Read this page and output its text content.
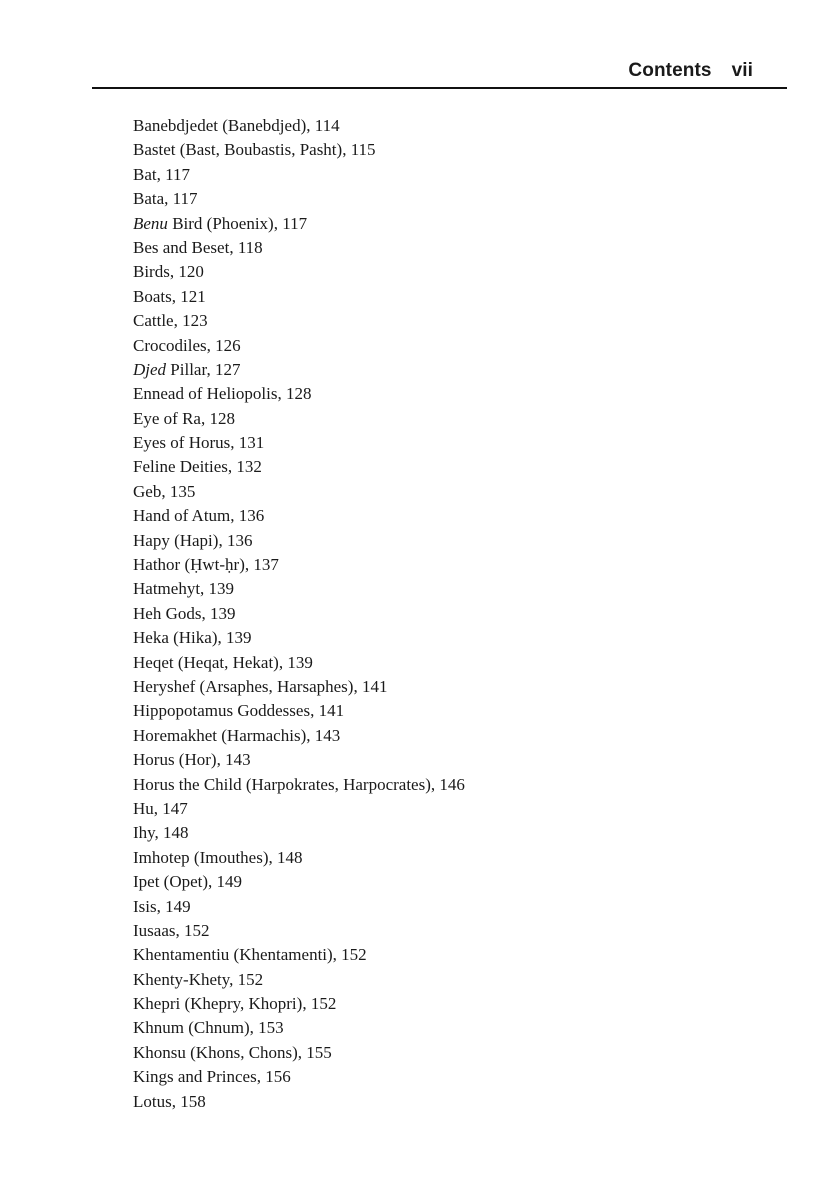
Contents vii
Banebdjedet (Banebdjed), 114
Bastet (Bast, Boubastis, Pasht), 115
Bat, 117
Bata, 117
Benu Bird (Phoenix), 117
Bes and Beset, 118
Birds, 120
Boats, 121
Cattle, 123
Crocodiles, 126
Djed Pillar, 127
Ennead of Heliopolis, 128
Eye of Ra, 128
Eyes of Horus, 131
Feline Deities, 132
Geb, 135
Hand of Atum, 136
Hapy (Hapi), 136
Hathor (Ḥwt-ḥr), 137
Hatmehyt, 139
Heh Gods, 139
Heka (Hika), 139
Heqet (Heqat, Hekat), 139
Heryshef (Arsaphes, Harsaphes), 141
Hippopotamus Goddesses, 141
Horemakhet (Harmachis), 143
Horus (Hor), 143
Horus the Child (Harpokrates, Harpocrates), 146
Hu, 147
Ihy, 148
Imhotep (Imouthes), 148
Ipet (Opet), 149
Isis, 149
Iusaas, 152
Khentamentiu (Khentamenti), 152
Khenty-Khety, 152
Khepri (Khepry, Khopri), 152
Khnum (Chnum), 153
Khonsu (Khons, Chons), 155
Kings and Princes, 156
Lotus, 158
